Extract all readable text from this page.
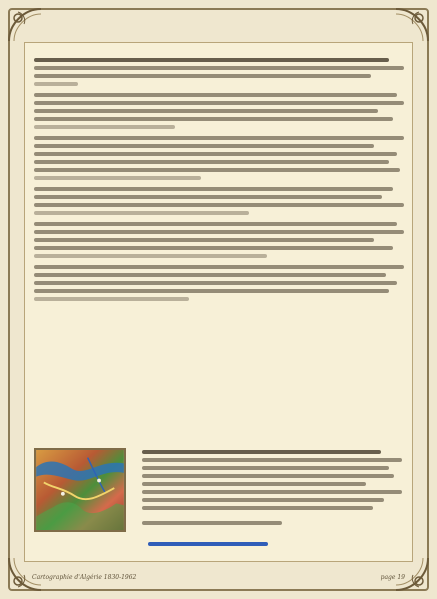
Cartographie d'Algérie 1830-1962	page 19
